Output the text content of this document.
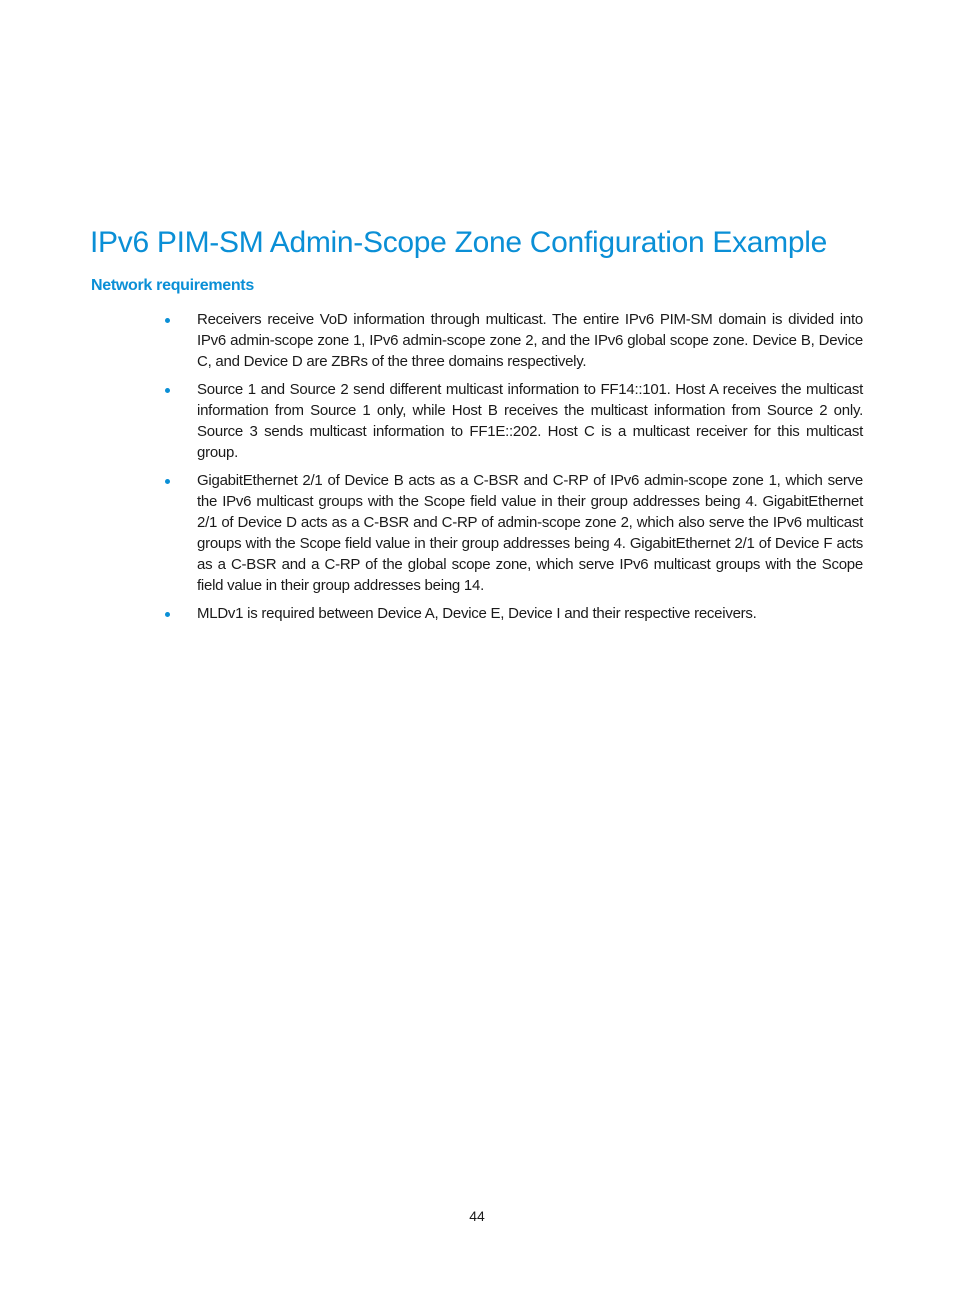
IPv6 PIM-SM Admin-Scope Zone Configuration Example
Network requirements
Receivers receive VoD information through multicast. The entire IPv6 PIM-SM domain is divided into IPv6 admin-scope zone 1, IPv6 admin-scope zone 2, and the IPv6 global scope zone. Device B, Device C, and Device D are ZBRs of the three domains respectively.
Source 1 and Source 2 send different multicast information to FF14::101. Host A receives the multicast information from Source 1 only, while Host B receives the multicast information from Source 2 only. Source 3 sends multicast information to FF1E::202. Host C is a multicast receiver for this multicast group.
GigabitEthernet 2/1 of Device B acts as a C-BSR and C-RP of IPv6 admin-scope zone 1, which serve the IPv6 multicast groups with the Scope field value in their group addresses being 4. GigabitEthernet 2/1 of Device D acts as a C-BSR and C-RP of admin-scope zone 2, which also serve the IPv6 multicast groups with the Scope field value in their group addresses being 4. GigabitEthernet 2/1 of Device F acts as a C-BSR and a C-RP of the global scope zone, which serve IPv6 multicast groups with the Scope field value in their group addresses being 14.
MLDv1 is required between Device A, Device E, Device I and their respective receivers.
44
